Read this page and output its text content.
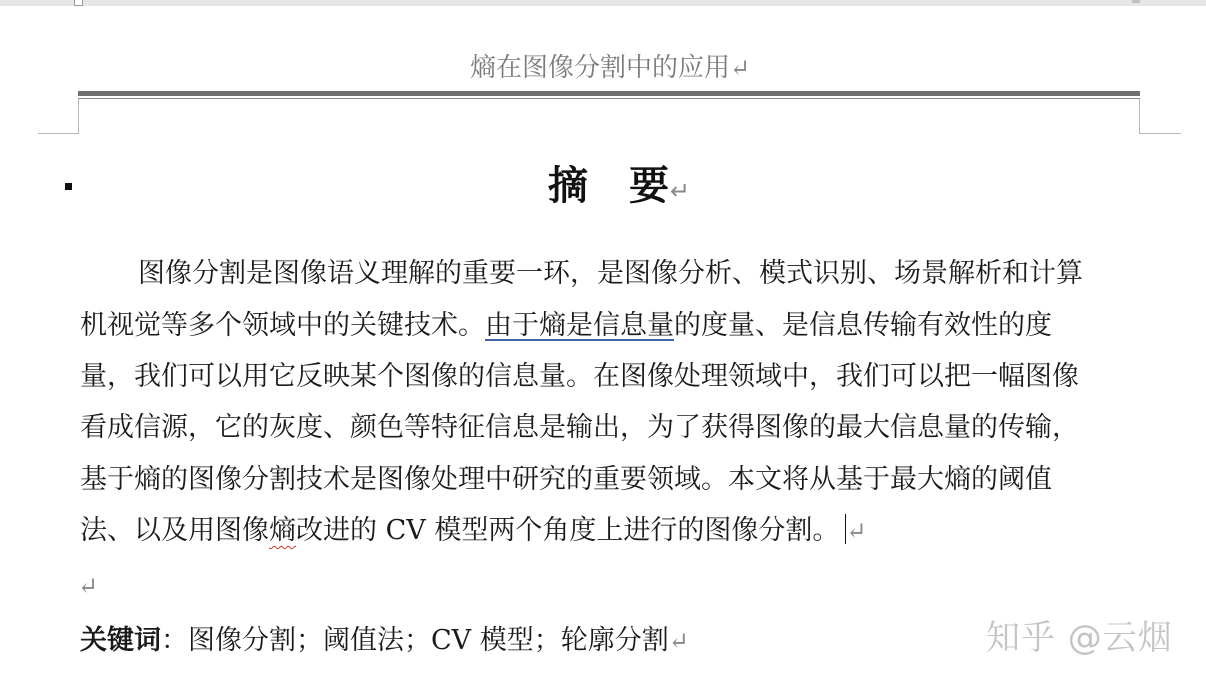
熵在图像分割中的应用↵
摘 要↵
图像分割是图像语义理解的重要一环，是图像分析、模式识别、场景解析和计算
机视觉等多个领域中的关键技术。由于熵是信息量的度量、是信息传输有效性的度
量，我们可以用它反映某个图像的信息量。在图像处理领域中，我们可以把一幅图像
看成信源，它的灰度、颜色等特征信息是输出，为了获得图像的最大信息量的传输，
基于熵的图像分割技术是图像处理中研究的重要领域。本文将从基于最大熵的阈值
法、以及用图像熵改进的 CV 模型两个角度上进行的图像分割。 ↵
↵
关键词：图像分割；阈值法；CV 模型；轮廓分割↵	知乎 @云烟
